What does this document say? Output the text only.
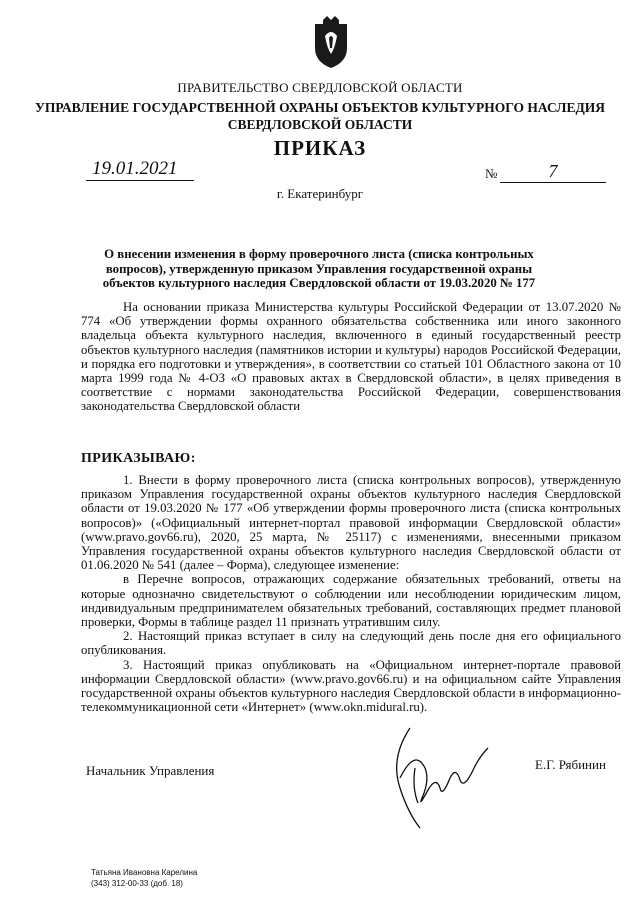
ПРАВИТЕЛЬСТВО СВЕРДЛОВСКОЙ ОБЛАСТИ
УПРАВЛЕНИЕ ГОСУДАРСТВЕННОЙ ОХРАНЫ ОБЪЕКТОВ КУЛЬТУРНОГО НАСЛЕДИЯ
СВЕРДЛОВСКОЙ ОБЛАСТИ
ПРИКАЗ
19.01.2021	№	7
г. Екатеринбург
О внесении изменения в форму проверочного листа (списка контрольных вопросов), утвержденную приказом Управления государственной охраны объектов культурного наследия Свердловской области от 19.03.2020 № 177

На основании приказа Министерства культуры Российской Федерации от 13.07.2020 № 774 «Об утверждении формы охранного обязательства собственника или иного законного владельца объекта культурного наследия, включенного в единый государственный реестр объектов культурного наследия (памятников истории и культуры) народов Российской Федерации, и порядка его подготовки и утверждения», в соответствии со статьей 101 Областного закона от 10 марта 1999 года № 4-ОЗ «О правовых актах в Свердловской области», в целях приведения в соответствие с нормами законодательства Российской Федерации, совершенствования законодательства Свердловской области

ПРИКАЗЫВАЮ:

1. Внести в форму проверочного листа (списка контрольных вопросов), утвержденную приказом Управления государственной охраны объектов культурного наследия Свердловской области от 19.03.2020 № 177 «Об утверждении формы проверочного листа (списка контрольных вопросов)» («Официальный интернет-портал правовой информации Свердловской области» (www.pravo.gov66.ru), 2020, 25 марта, № 25117) с изменениями, внесенными приказом Управления государственной охраны объектов культурного наследия Свердловской области от 01.06.2020 № 541 (далее – Форма), следующее изменение:

в Перечне вопросов, отражающих содержание обязательных требований, ответы на которые однозначно свидетельствуют о соблюдении или несоблюдении юридическим лицом, индивидуальным предпринимателем обязательных требований, составляющих предмет плановой проверки, Формы в таблице раздел 11 признать утратившим силу.

2. Настоящий приказ вступает в силу на следующий день после дня его официального опубликования.

3. Настоящий приказ опубликовать на «Официальном интернет-портале правовой информации Свердловской области» (www.pravo.gov66.ru) и на официальном сайте Управления государственной охраны объектов культурного наследия Свердловской области в информационно-телекоммуникационной сети «Интернет» (www.okn.midural.ru).

Начальник Управления	Е.Г. Рябинин
Татьяна Ивановна Карелина
(343) 312-00-33 (доб. 18)
